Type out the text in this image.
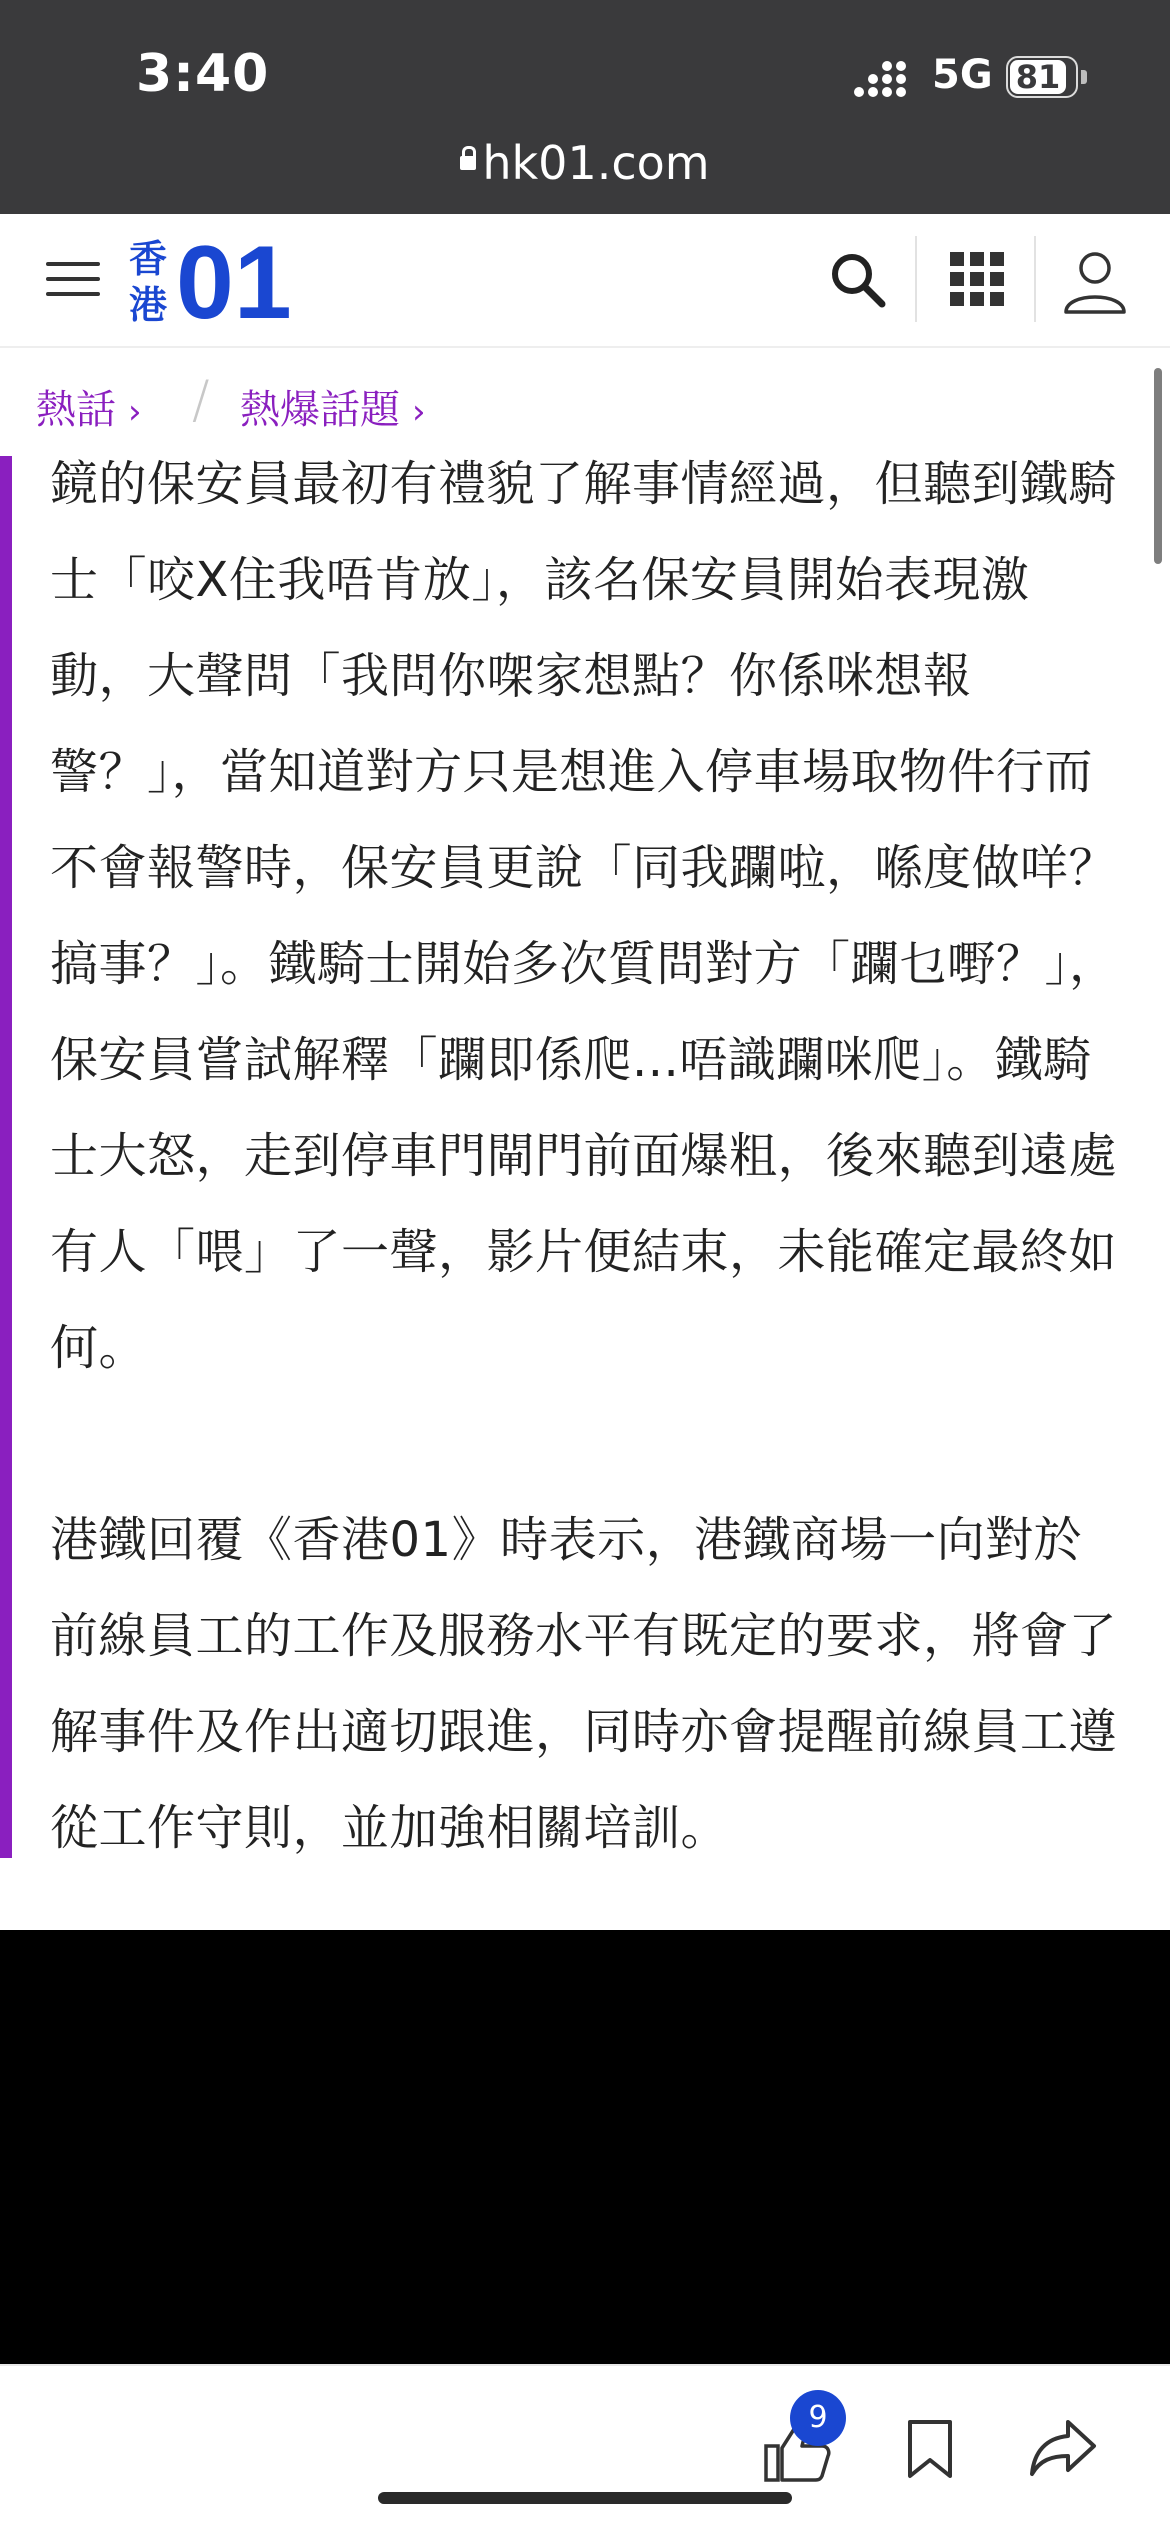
3:40	5G 81
hk01.com
香港 01
熱話 › / 熱爆話題 ›

鏡的保安員最初有禮貌了解事情經過，但聽到鐵騎士「咬X住我唔肯放」，該名保安員開始表現激動，大聲問「我問你㗎家想點？你係咪想報警？」，當知道對方只是想進入停車場取物件行而不會報警時，保安員更說「同我躝啦，喺度做咩？搞事？」。鐵騎士開始多次質問對方「躝乜嘢？」，保安員嘗試解釋「躝即係爬...唔識躝咪爬」。鐵騎士大怒，走到停車門閘門前面爆粗，後來聽到遠處有人「喂」了一聲，影片便結束，未能確定最終如何。

港鐵回覆《香港01》時表示，港鐵商場一向對於前線員工的工作及服務水平有既定的要求，將會了解事件及作出適切跟進，同時亦會提醒前線員工遵從工作守則，並加強相關培訓。

9
